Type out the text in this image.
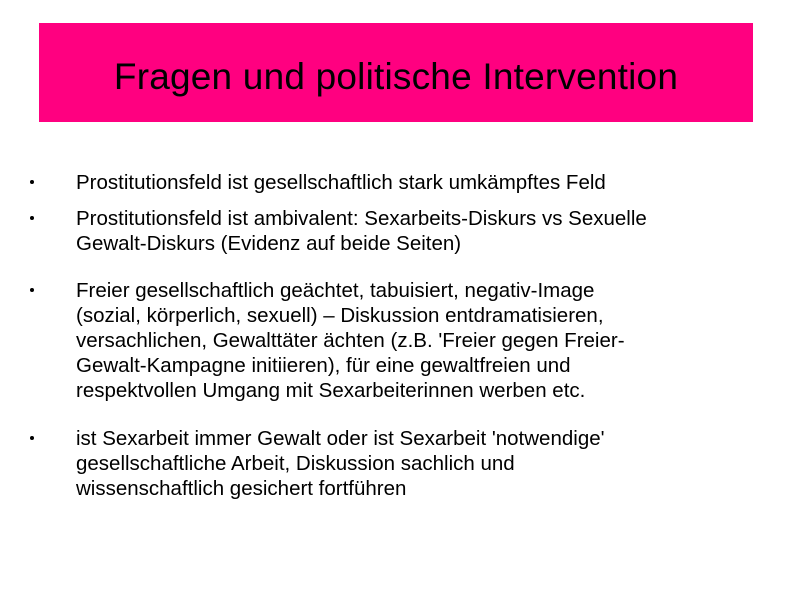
Fragen und politische Intervention

Prostitutionsfeld ist gesellschaftlich stark umkämpftes Feld

Prostitutionsfeld ist ambivalent: Sexarbeits-Diskurs vs Sexuelle
Gewalt-Diskurs (Evidenz auf beide Seiten)

Freier gesellschaftlich geächtet, tabuisiert, negativ-Image
(sozial, körperlich, sexuell) – Diskussion entdramatisieren,
versachlichen, Gewalttäter ächten (z.B. 'Freier gegen Freier-
Gewalt-Kampagne initiieren), für eine gewaltfreien und
respektvollen Umgang mit Sexarbeiterinnen werben etc.

ist Sexarbeit immer Gewalt oder ist Sexarbeit 'notwendige'
gesellschaftliche Arbeit, Diskussion sachlich und
wissenschaftlich gesichert fortführen
